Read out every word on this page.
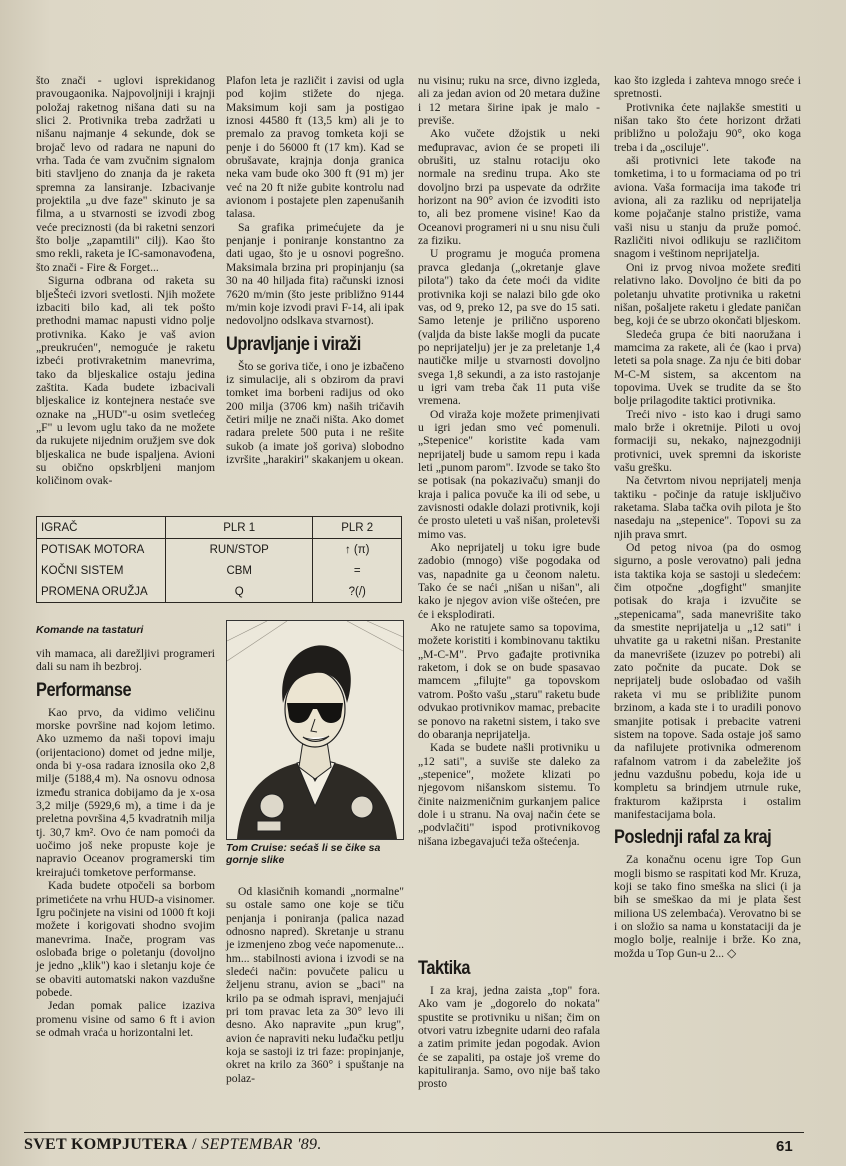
što znači - uglovi isprekidanog pravougaonika. Najpovoljniji i krajnji položaj raketnog nišana dati su na slici 2. Protivnika treba zadržati u nišanu najmanje 4 sekunde, dok se brojač levo od radara ne napuni do vrha. Tada će vam zvučnim signalom biti stavljeno do znanja da je raketa spremna za lansiranje. Izbacivanje projektila „u dve faze" skinuto je sa filma, a u stvarnosti se izvodi zbog veće preciznosti (da bi raketni senzori što bolje „zapamtili" cilj). Kao što smo rekli, raketa je IC-samonavođena, što znači - Fire & Forget...

Sigurna odbrana od raketa su bljeŠteći izvori svetlosti. Njih možete izbaciti bilo kad, ali tek pošto prethodni mamac napusti vidno polje protivnika. Kako je vaš avion „preukrućen", nemoguće je raketu izbeći protivraketnim manevrima, tako da bljeskalice ostaju jedina zaštita. Kada budete izbacivali bljeskalice iz kontejnera nestaće sve oznake na „HUD"-u osim svetlećeg „F" u levom uglu tako da ne možete da rukujete nijednim oružjem sve dok bljeskalica ne bude ispaljena. Avioni su obično opskrbljeni manjom količinom ovak-

Plafon leta je različit i zavisi od ugla pod kojim stižete do njega. Maksimum koji sam ja postigao iznosi 44580 ft (13,5 km) ali je to premalo za pravog tomketa koji se penje i do 56000 ft (17 km). Kad se obrušavate, krajnja donja granica neka vam bude oko 300 ft (91 m) jer već na 20 ft niže gubite kontrolu nad avionom i postajete plen zapenušanih talasa.

Sa grafika primećujete da je penjanje i poniranje konstantno za dati ugao, što je u osnovi pogrešno. Maksimala brzina pri propinjanju (sa 30 na 40 hiljada fita) računski iznosi 7620 m/min (što jeste približno 9144 m/min koje izvodi pravi F-14, ali ipak nedovoljno odslkava stvarnost).

Upravljanje i viraži

Što se goriva tiče, i ono je izbačeno iz simulacije, ali s obzirom da pravi tomket ima borbeni radijus od oko 200 milja (3706 km) naših tričavih četiri milje ne znači ništa. Ako domet radara prelete 500 puta i ne rešite sukob (a imate još goriva) slobodno izvršite „harakiri" skakanjem u okean.

nu visinu; ruku na srce, divno izgleda, ali za jedan avion od 20 metara dužine i 12 metara širine ipak je malo - previše.

Ako vučete džojstik u neki međupravac, avion će se propeti ili obrušiti, uz stalnu rotaciju oko normale na sredinu trupa. Ako ste dovoljno brzi pa uspevate da održite horizont na 90° avion će izvoditi isto to, ali bez promene visine! Kao da Oceanovi programeri ni u snu nisu čuli za fiziku.

U programu je moguća promena pravca gledanja („okretanje glave pilota") tako da ćete moći da vidite protivnika koji se nalazi bilo gde oko vas, od 9, preko 12, pa sve do 15 sati. Samo letenje je prilično usporeno (valjda da biste lakše mogli da pucate po neprijatelju) jer je za preletanje 1,4 nautičke milje u stvarnosti dovoljno svega 1,8 sekundi, a za isto rastojanje u igri vam treba čak 11 puta više vremena.

Od viraža koje možete primenjivati u igri jedan smo već pomenuli. „Stepenice" koristite kada vam neprijatelj bude u samom repu i kada leti „punom parom". Izvode se tako što se potisak (na pokazivaču) smanji do kraja i palica povuče ka ili od sebe, u zavisnosti odakle dolazi protivnik, koji će prosto uleteti u vaš nišan, proletevši mimo vas.

Ako neprijatelj u toku igre bude zadobio (mnogo) više pogodaka od vas, napadnite ga u čeonom naletu. Tako će se naći „nišan u nišan", ali kako je njegov avion više oštećen, pre će i eksplodirati.

Ako ne ratujete samo sa topovima, možete koristiti i kombinovanu taktiku „M-C-M". Prvo gađajte protivnika raketom, i dok se on bude spasavao mamcem „filujte" ga topovskom vatrom. Pošto vašu „staru" raketu bude odvukao protivnikov mamac, prebacite se ponovo na raketni sistem, i tako sve do obaranja neprijatelja.

Kada se budete našli protivniku u „12 sati", a suviše ste daleko za „stepenice", možete klizati po njegovom nišanskom sistemu. To činite naizmeničnim gurkanjem palice dole i u stranu. Na ovaj način ćete se „podvlačiti" ispod protivnikovog nišana izbegavajući teža oštećenja.

kao što izgleda i zahteva mnogo sreće i spretnosti.

Protivnika ćete najlakše smestiti u nišan tako što ćete horizont držati približno u položaju 90°, oko koga treba i da „osciluje".

aši protivnici lete takođe na tomketima, i to u formaciama od po tri aviona. Vaša formacija ima takođe tri aviona, ali za razliku od neprijatelja kome pojačanje stalno pristiže, vama vaši nisu u stanju da pruže pomoć. Različiti nivoi odlikuju se različitom snagom i veštinom neprijatelja.

Oni iz prvog nivoa možete sređiti relativno lako. Dovoljno će biti da po poletanju uhvatite protivnika u raketni nišan, pošaljete raketu i gledate paničan beg, koji će se ubrzo okončati bljeskom.

Sledeća grupa će biti naoružana i mamcima za rakete, ali će (kao i prva) leteti sa pola snage. Za nju će biti dobar M-C-M sistem, sa akcentom na topovima. Uvek se trudite da se što bolje prilagodite taktici protivnika.

Treći nivo - isto kao i drugi samo malo brže i okretnije. Piloti u ovoj formaciji su, nekako, najnezgodniji protivnici, uvek spremni da iskoriste vašu grešku.

Na četvrtom nivou neprijatelj menja taktiku - počinje da ratuje isključivo raketama. Slaba tačka ovih pilota je što nasedaju na „stepenice". Topovi su za njih prava smrt.

Od petog nivoa (pa do osmog sigurno, a posle verovatno) pali jedna ista taktika koja se sastoji u sledećem: čim otpočne „dogfight" smanjite potisak do kraja i izvučite se „stepenicama", sada manevrišite tako da smestite neprijatelja u „12 sati" i uhvatite ga u raketni nišan. Prestanite da manevrišete (izuzev po potrebi) ali zato počnite da pucate. Dok se neprijatelj bude oslobađao od vaših raketa vi mu se približite punom brzinom, a kada ste i to uradili ponovo smanjite potisak i prebacite vatreni sistem na topove. Sada ostaje još samo da nafilujete protivnika odmerenom rafalnom vatrom i da zabeležite još jednu vazdušnu pobedu, koja ide u kompletu sa brindjem utrnule ruke, frakturom kažiprsta i ostalim manifestacijama bola.

Poslednji rafal za kraj

Za konačnu ocenu igre Top Gun mogli bismo se raspitati kod Mr. Kruza, koji se tako fino smeška na slici (i ja bih se smeškao da mi je plata šest miliona US zelembaća). Verovatno bi se i on složio sa nama u konstataciji da je moglo bolje, realnije i brže. Ko zna, možda u Top Gun-u 2... ◇

IGRAČ	PLR 1	PLR 2
POTISAK MOTORA	RUN/STOP	↑ (π)
KOČNI SISTEM	CBM	=
PROMENA ORUŽJA	Q	?(/)
Komande na tastaturi

vih mamaca, ali darežljivi programeri dali su nam ih bezbroj.

Performanse

Kao prvo, da vidimo veličinu morske površine nad kojom letimo. Ako uzmemo da naši topovi imaju (orijentaciono) domet od jedne milje, onda bi y-osa radara iznosila oko 2,8 milje (5188,4 m). Na osnovu odnosa između stranica dobijamo da je x-osa 3,2 milje (5929,6 m), a time i da je preletna površina 4,5 kvadratnih milja tj. 30,7 km². Ovo će nam pomoći da uočimo još neke propuste koje je napravio Oceanov programerski tim kreirajući tomketove performanse.

Kada budete otpočeli sa borbom primetićete na vrhu HUD-a visinomer. Igru počinjete na visini od 1000 ft koji možete i korigovati shodno svojim manevrima. Inače, program vas oslobađa brige o poletanju (dovoljno je jedno „klik") kao i sletanju koje će se obaviti automatski nakon vazdušne pobede.

Jedan pomak palice izaziva promenu visine od samo 6 ft i avion se odmah vraća u horizontalni let.

Tom Cruise: sećaš li se čike sa gornje slike

Od klasičnih komandi „normalne" su ostale samo one koje se tiču penjanja i poniranja (palica nazad odnosno napred). Skretanje u stranu je izmenjeno zbog veće napomenute... hm... stabilnosti aviona i izvodi se na sledeći način: povučete palicu u željenu stranu, avion se „baci" na krilo pa se odmah ispravi, menjajući pri tom pravac leta za 30° levo ili desno. Ako napravite „pun krug", avion će napraviti neku luđačku petlju koja se sastoji iz tri faze: propinjanje, okret na krilo za 360° i spuštanje na polaz-

Taktika

I za kraj, jedna zaista „top" fora. Ako vam je „dogorelo do nokata" spustite se protivniku u nišan; čim on otvori vatru izbegnite udarni deo rafala a zatim primite jedan pogodak. Avion će se zapaliti, pa ostaje još vreme do kapituliranja. Samo, ovo nije baš tako prosto

SVET KOMPJUTERA / SEPTEMBAR '89.	61
